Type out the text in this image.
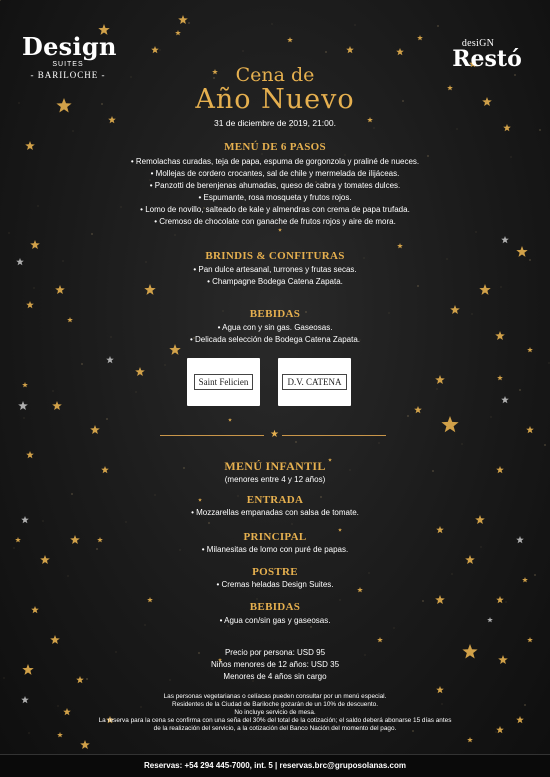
Design
SUITES
- BARILOCHE -
desiGN
Restó
Cena de
Año Nuevo
31 de diciembre de 2019, 21:00.
MENÚ DE 6 PASOS
• Remolachas curadas, teja de papa, espuma de gorgonzola y praliné de nueces.
• Mollejas de cordero crocantes, sal de chile y mermelada de ilijáceas.
• Panzotti de berenjenas ahumadas, queso de cabra y tomates dulces.
• Espumante, rosa mosqueta y frutos rojos.
• Lomo de novillo, salteado de kale y almendras con crema de papa trufada.
• Cremoso de chocolate con ganache de frutos rojos y aire de mora.
BRINDIS & CONFITURAS
• Pan dulce artesanal, turrones y frutas secas.
• Champagne Bodega Catena Zapata.
BEBIDAS
• Agua con y sin gas. Gaseosas.
• Delicada selección de Bodega Catena Zapata.
Saint Felicien	D.V. CATENA
★
MENÚ INFANTIL
(menores entre 4 y 12 años)
ENTRADA
• Mozzarellas empanadas con salsa de tomate.
PRINCIPAL
• Milanesitas de lomo con puré de papas.
POSTRE
• Cremas heladas Design Suites.
BEBIDAS
• Agua con/sin gas y gaseosas.
Precio por persona: USD 95
Niños menores de 12 años: USD 35
Menores de 4 años sin cargo
Las personas vegetarianas o celíacas pueden consultar por un menú especial.
Residentes de la Ciudad de Bariloche gozarán de un 10% de descuento.
No incluye servicio de mesa.
La reserva para la cena se confirma con una seña del 30% del total de la cotización; el saldo deberá abonarse 15 días antes
de la realización del servicio, a la cotización del Banco Nación del momento del pago.
Reservas: +54 294 445-7000, int. 5 | reservas.brc@gruposolanas.com
